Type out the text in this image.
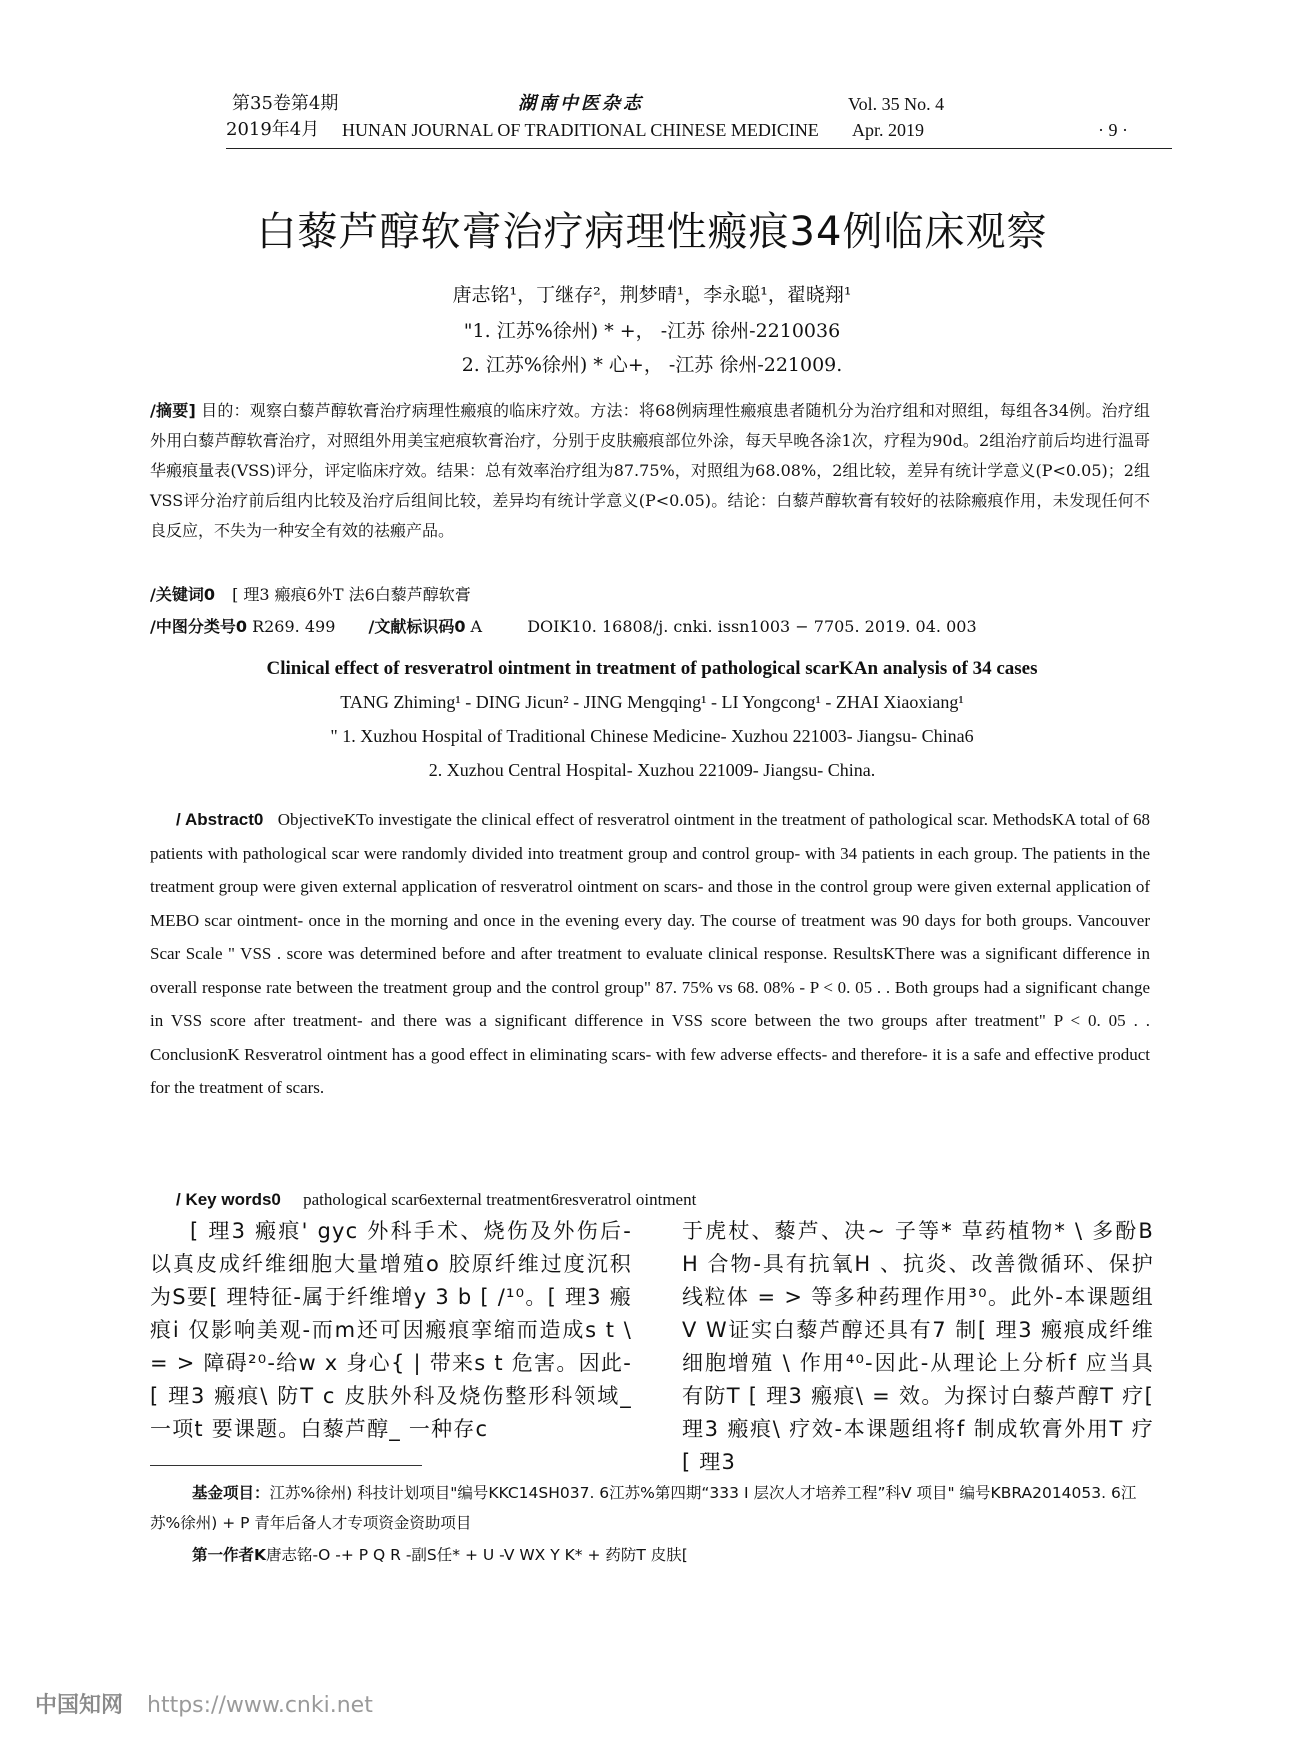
第35卷第4期
2019年4月
湖南中医杂志
HUNAN JOURNAL OF TRADITIONAL CHINESE MEDICINE
Vol. 35 No. 4
Apr. 2019	· 9 ·
白藜芦醇软膏治疗病理性瘢痕34例临床观察
唐志铭¹，丁继存²，荆梦晴¹，李永聪¹，翟晓翔¹
"1. 江苏%徐州) * +， -江苏 徐州-2210036
2. 江苏%徐州) * 心+， -江苏 徐州-221009.
/摘要] 目的：观察白藜芦醇软膏治疗病理性瘢痕的临床疗效。方法：将68例病理性瘢痕患者随机分为治疗组和对照组，每组各34例。治疗组外用白藜芦醇软膏治疗，对照组外用美宝疤痕软膏治疗，分别于皮肤瘢痕部位外涂，每天早晚各涂1次，疗程为90d。2组治疗前后均进行温哥华瘢痕量表(VSS)评分，评定临床疗效。结果：总有效率治疗组为87.75%，对照组为68.08%，2组比较，差异有统计学意义(P<0.05)；2组VSS评分治疗前后组内比较及治疗后组间比较，差异均有统计学意义(P<0.05)。结论：白藜芦醇软膏有较好的祛除瘢痕作用，未发现任何不良反应，不失为一种安全有效的祛瘢产品。
/关键词0 [ 理3 瘢痕6外T 法6白藜芦醇软膏
/中图分类号0 R269. 499 /文献标识码0 A	DOIK10. 16808/j. cnki. issn1003 − 7705. 2019. 04. 003
Clinical effect of resveratrol ointment in treatment of pathological scarKAn analysis of 34 cases
TANG Zhiming¹ - DING Jicun² - JING Mengqing¹ - LI Yongcong¹ - ZHAI Xiaoxiang¹
" 1. Xuzhou Hospital of Traditional Chinese Medicine- Xuzhou 221003- Jiangsu- China6
2. Xuzhou Central Hospital- Xuzhou 221009- Jiangsu- China.
/ Abstract0 ObjectiveKTo investigate the clinical effect of resveratrol ointment in the treatment of pathological scar. MethodsKA total of 68 patients with pathological scar were randomly divided into treatment group and control group- with 34 patients in each group. The patients in the treatment group were given external application of resveratrol ointment on scars- and those in the control group were given external application of MEBO scar ointment- once in the morning and once in the evening every day. The course of treatment was 90 days for both groups. Vancouver Scar Scale " VSS . score was determined before and after treatment to evaluate clinical response. ResultsKThere was a significant difference in overall response rate between the treatment group and the control group" 87. 75% vs 68. 08% - P < 0. 05 . . Both groups had a significant change in VSS score after treatment- and there was a significant difference in VSS score between the two groups after treatment" P < 0. 05 . . ConclusionK Resveratrol ointment has a good effect in eliminating scars- with few adverse effects- and therefore- it is a safe and effective product for the treatment of scars.
/ Key words0 pathological scar6external treatment6resveratrol ointment
[ 理3 瘢痕' gyc 外科手术、烧伤及外伤后-以真皮成纤维细胞大量增殖o 胶原纤维过度沉积为S要[ 理特征-属于纤维增y 3 b [ /¹⁰。[ 理3 瘢痕i 仅影响美观-而m还可因瘢痕挛缩而造成s t \ = > 障碍²⁰-给w x 身心{ | 带来s t 危害。因此-[ 理3 瘢痕\ 防T c 皮肤外科及烧伤整形科领域_ 一项t 要课题。白藜芦醇_ 一种存c
于虎杖、藜芦、决~ 子等* 草药植物* \ 多酚B H 合物-具有抗氧H 、抗炎、改善微循环、保护线粒体 = > 等多种药理作用³⁰。此外-本课题组V W证实白藜芦醇还具有7 制[ 理3 瘢痕成纤维细胞增殖 \ 作用⁴⁰-因此-从理论上分析f 应当具有防T [ 理3 瘢痕\ = 效。为探讨白藜芦醇T 疗[ 理3 瘢痕\ 疗效-本课题组将f 制成软膏外用T 疗[ 理3
基金项目：江苏%徐州) 科技计划项目"编号KKC14SH037. 6江苏%第四期“333 I 层次人才培养工程”科V 项目" 编号KBRA2014053. 6江苏%徐州) + P 青年后备人才专项资金资助项目
第一作者K唐志铭-O -+ P Q R -副S任* + U -V WX Y K* + 药防T 皮肤[
中国知网 https://www.cnki.net
